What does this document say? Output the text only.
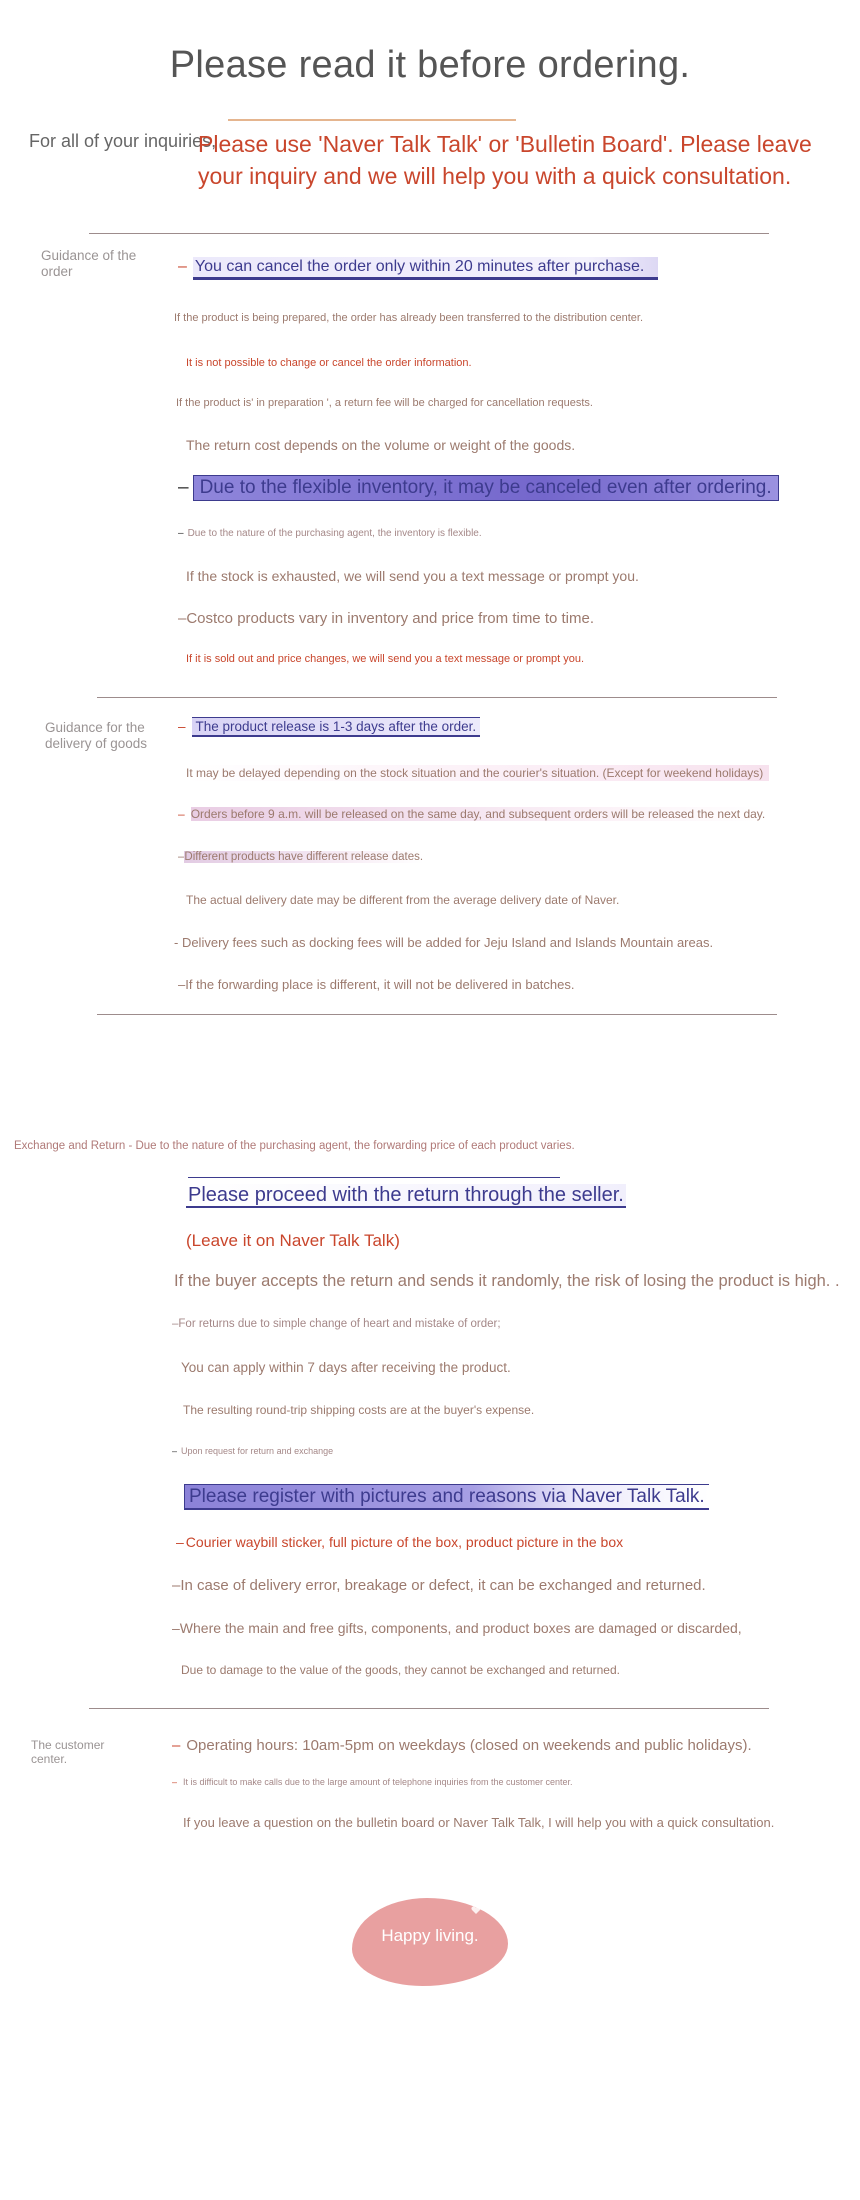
Please read it before ordering.
For all of your inquiries,
Please use 'Naver Talk Talk' or 'Bulletin Board'. Please leave your inquiry and we will help you with a quick consultation.
Guidance of the order	– You can cancel the order only within 20 minutes after purchase.
If the product is being prepared, the order has already been transferred to the distribution center.
It is not possible to change or cancel the order information.
If the product is' in preparation ', a return fee will be charged for cancellation requests.
The return cost depends on the volume or weight of the goods.
– Due to the flexible inventory, it may be canceled even after ordering.
– Due to the nature of the purchasing agent, the inventory is flexible.
If the stock is exhausted, we will send you a text message or prompt you.
–Costco products vary in inventory and price from time to time.
If it is sold out and price changes, we will send you a text message or prompt you.
Guidance for the delivery of goods
– The product release is 1-3 days after the order.
It may be delayed depending on the stock situation and the courier's situation. (Except for weekend holidays)
– Orders before 9 a.m. will be released on the same day, and subsequent orders will be released the next day.
–Different products have different release dates.
The actual delivery date may be different from the average delivery date of Naver.
- Delivery fees such as docking fees will be added for Jeju Island and Islands Mountain areas.
–If the forwarding place is different, it will not be delivered in batches.
Exchange and Return - Due to the nature of the purchasing agent, the forwarding price of each product varies.
Please proceed with the return through the seller.
(Leave it on Naver Talk Talk)
If the buyer accepts the return and sends it randomly, the risk of losing the product is high. .
–For returns due to simple change of heart and mistake of order;
You can apply within 7 days after receiving the product.
The resulting round-trip shipping costs are at the buyer's expense.
– Upon request for return and exchange
Please register with pictures and reasons via Naver Talk Talk.
– Courier waybill sticker, full picture of the box, product picture in the box
–In case of delivery error, breakage or defect, it can be exchanged and returned.
–Where the main and free gifts, components, and product boxes are damaged or discarded,
Due to damage to the value of the goods, they cannot be exchanged and returned.
The customer center.
– Operating hours: 10am-5pm on weekdays (closed on weekends and public holidays).
– It is difficult to make calls due to the large amount of telephone inquiries from the customer center.
If you leave a question on the bulletin board or Naver Talk Talk, I will help you with a quick consultation.
Happy living.
